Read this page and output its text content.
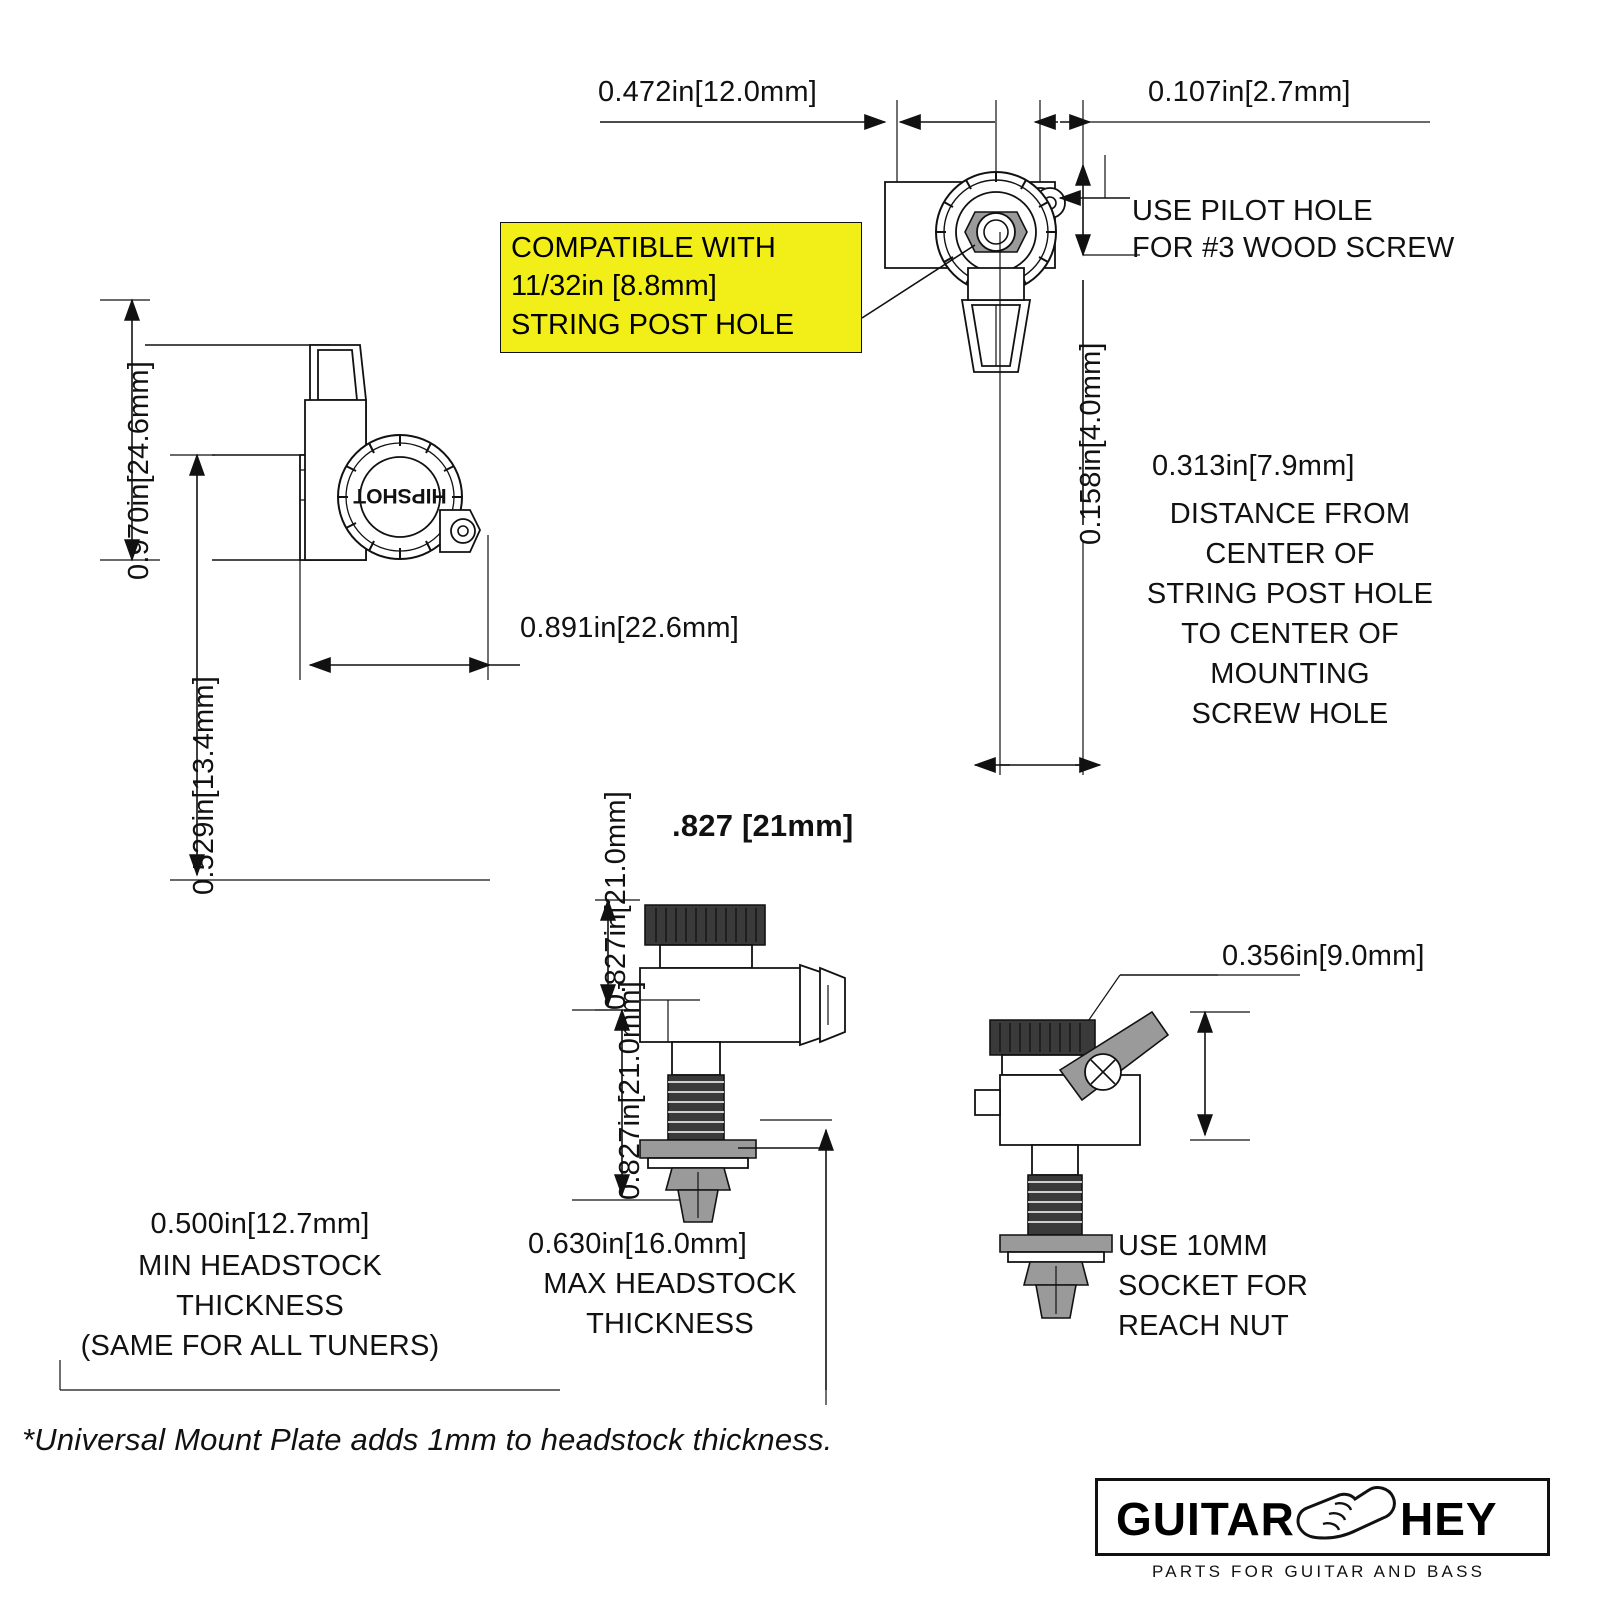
HIPSHOT
0.472in[12.0mm]	0.107in[2.7mm]
COMPATIBLE WITH
11/32in [8.8mm]
STRING POST HOLE
USE PILOT HOLE
FOR #3 WOOD SCREW
0.158in[4.0mm] 0.313in[7.9mm]
DISTANCE FROM
CENTER OF
STRING POST HOLE
TO CENTER OF
MOUNTING
SCREW HOLE
0.970in[24.6mm]
0.529in[13.4mm]
0.891in[22.6mm]
.827 [21mm]
0.827in[21.0mm]
0.827in[21.0mm]
0.630in[16.0mm]
MAX HEADSTOCK
THICKNESS
0.500in[12.7mm]
MIN HEADSTOCK
THICKNESS
(SAME FOR ALL TUNERS)
0.356in[9.0mm]
USE 10MM
SOCKET FOR
REACH NUT
*Universal Mount Plate adds 1mm to headstock thickness.
GUITAR HEY
PARTS FOR GUITAR AND BASS
